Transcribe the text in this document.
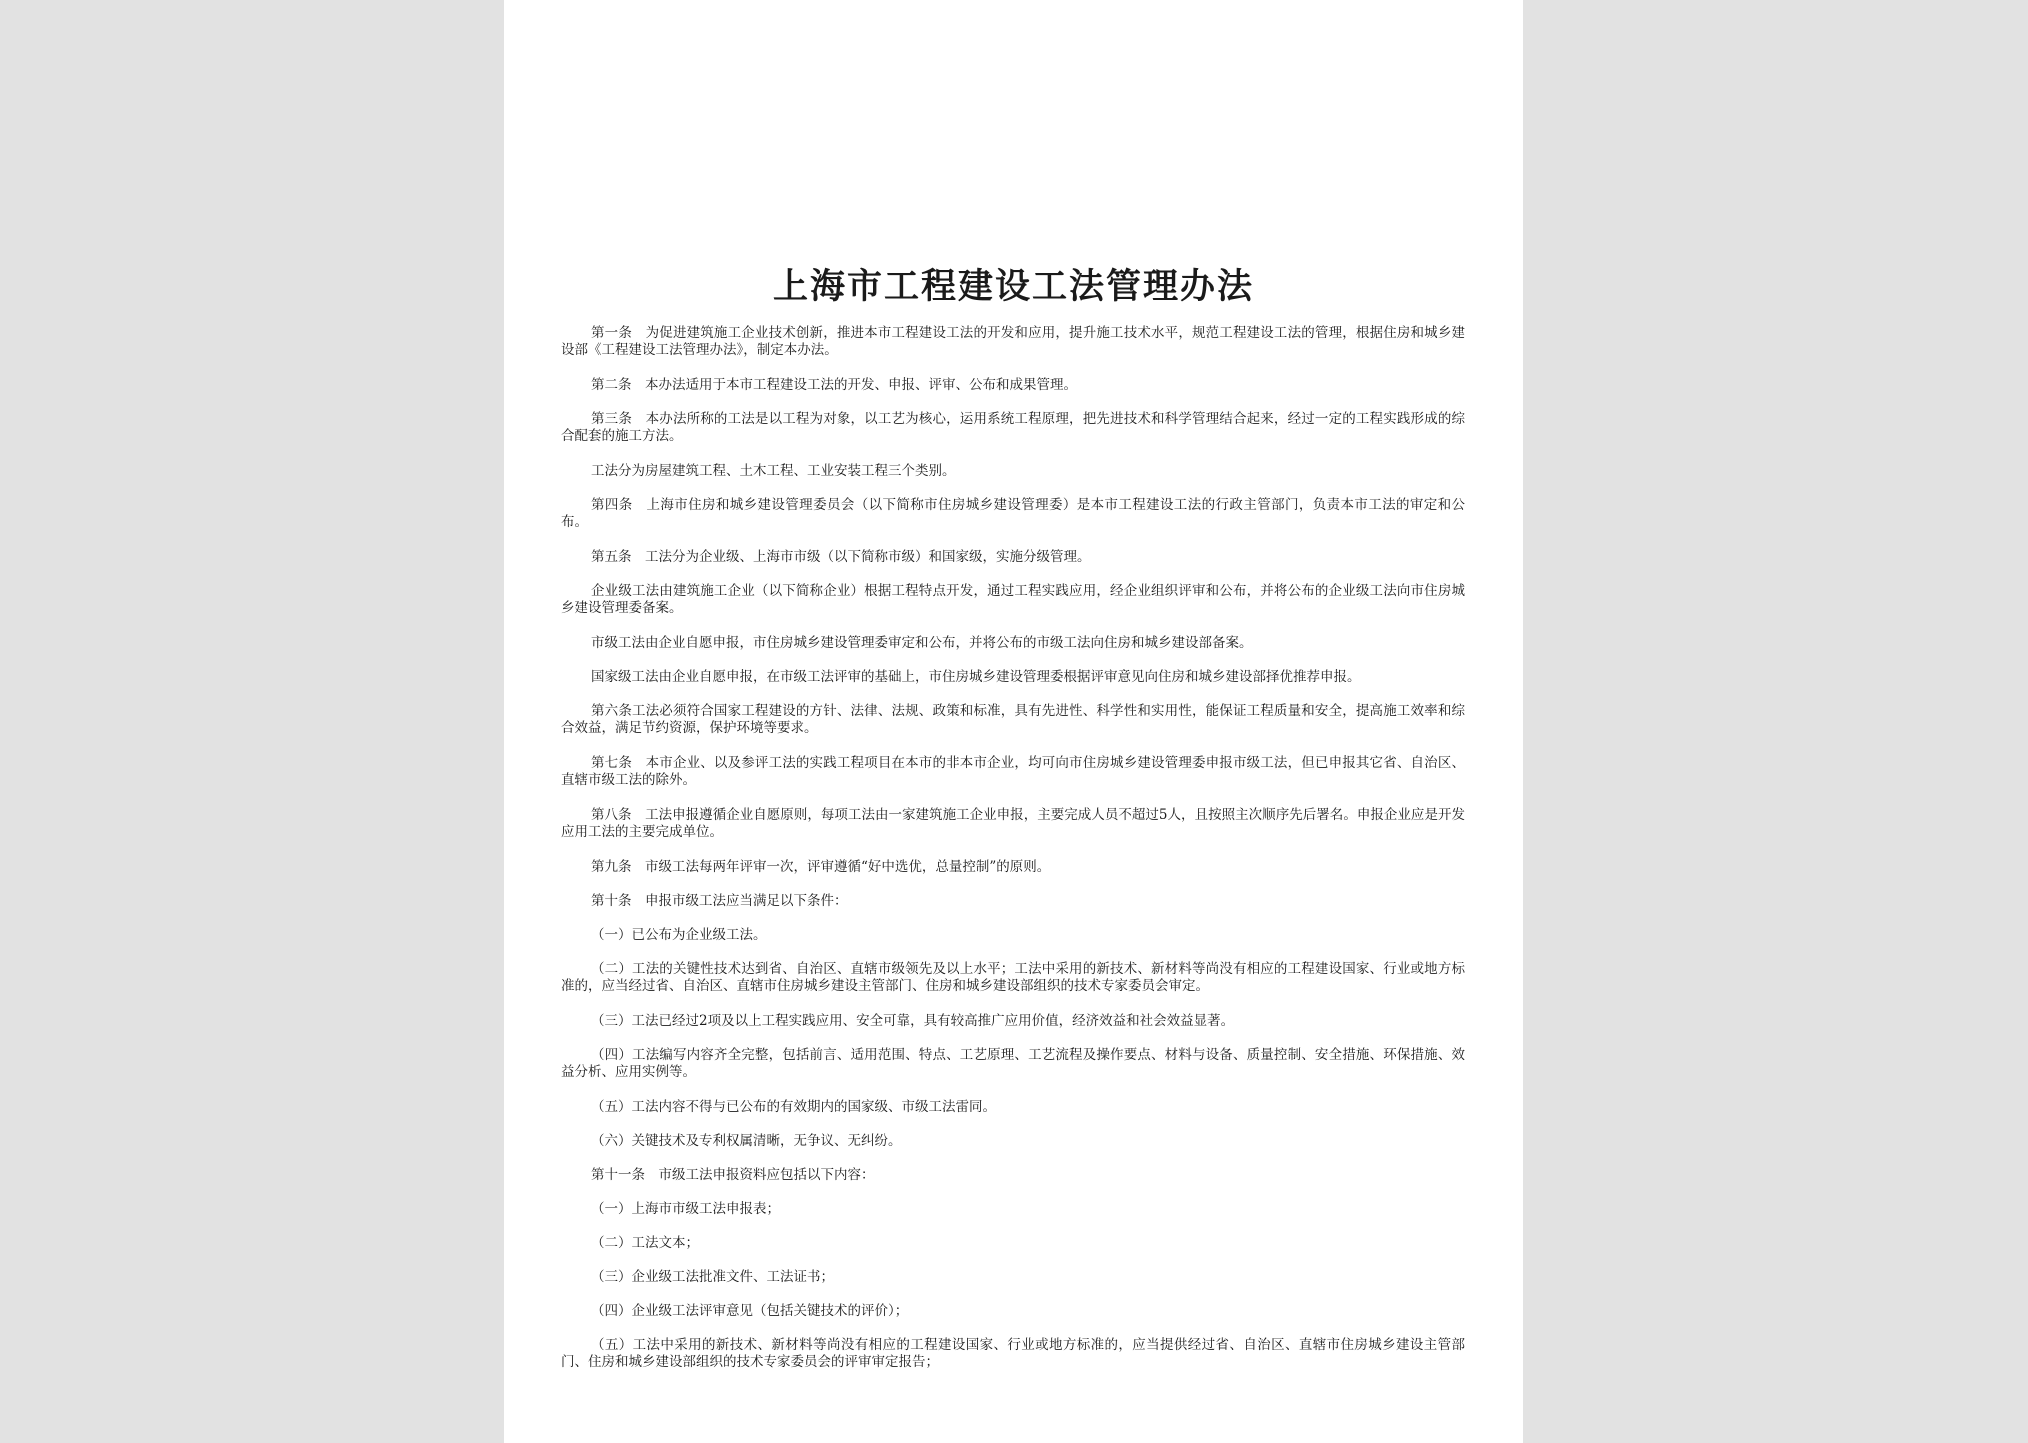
上海市工程建设工法管理办法

第一条　为促进建筑施工企业技术创新，推进本市工程建设工法的开发和应用，提升施工技术水平，规范工程建设工法的管理，根据住房和城乡建设部《工程建设工法管理办法》，制定本办法。

第二条　本办法适用于本市工程建设工法的开发、申报、评审、公布和成果管理。

第三条　本办法所称的工法是以工程为对象，以工艺为核心，运用系统工程原理，把先进技术和科学管理结合起来，经过一定的工程实践形成的综合配套的施工方法。

工法分为房屋建筑工程、土木工程、工业安装工程三个类别。

第四条　上海市住房和城乡建设管理委员会（以下简称市住房城乡建设管理委）是本市工程建设工法的行政主管部门，负责本市工法的审定和公布。

第五条　工法分为企业级、上海市市级（以下简称市级）和国家级，实施分级管理。

企业级工法由建筑施工企业（以下简称企业）根据工程特点开发，通过工程实践应用，经企业组织评审和公布，并将公布的企业级工法向市住房城乡建设管理委备案。

市级工法由企业自愿申报，市住房城乡建设管理委审定和公布，并将公布的市级工法向住房和城乡建设部备案。

国家级工法由企业自愿申报，在市级工法评审的基础上，市住房城乡建设管理委根据评审意见向住房和城乡建设部择优推荐申报。

第六条工法必须符合国家工程建设的方针、法律、法规、政策和标准，具有先进性、科学性和实用性，能保证工程质量和安全，提高施工效率和综合效益，满足节约资源，保护环境等要求。

第七条　本市企业、以及参评工法的实践工程项目在本市的非本市企业，均可向市住房城乡建设管理委申报市级工法，但已申报其它省、自治区、直辖市级工法的除外。

第八条　工法申报遵循企业自愿原则，每项工法由一家建筑施工企业申报，主要完成人员不超过5人，且按照主次顺序先后署名。申报企业应是开发应用工法的主要完成单位。

第九条　市级工法每两年评审一次，评审遵循“好中选优，总量控制”的原则。

第十条　申报市级工法应当满足以下条件：

（一）已公布为企业级工法。

（二）工法的关键性技术达到省、自治区、直辖市级领先及以上水平；工法中采用的新技术、新材料等尚没有相应的工程建设国家、行业或地方标准的，应当经过省、自治区、直辖市住房城乡建设主管部门、住房和城乡建设部组织的技术专家委员会审定。

（三）工法已经过2项及以上工程实践应用、安全可靠，具有较高推广应用价值，经济效益和社会效益显著。

（四）工法编写内容齐全完整，包括前言、适用范围、特点、工艺原理、工艺流程及操作要点、材料与设备、质量控制、安全措施、环保措施、效益分析、应用实例等。

（五）工法内容不得与已公布的有效期内的国家级、市级工法雷同。

（六）关键技术及专利权属清晰，无争议、无纠纷。

第十一条　市级工法申报资料应包括以下内容：

（一）上海市市级工法申报表；

（二）工法文本；

（三）企业级工法批准文件、工法证书；

（四）企业级工法评审意见（包括关键技术的评价）；

（五）工法中采用的新技术、新材料等尚没有相应的工程建设国家、行业或地方标准的，应当提供经过省、自治区、直辖市住房城乡建设主管部门、住房和城乡建设部组织的技术专家委员会的评审审定报告；
